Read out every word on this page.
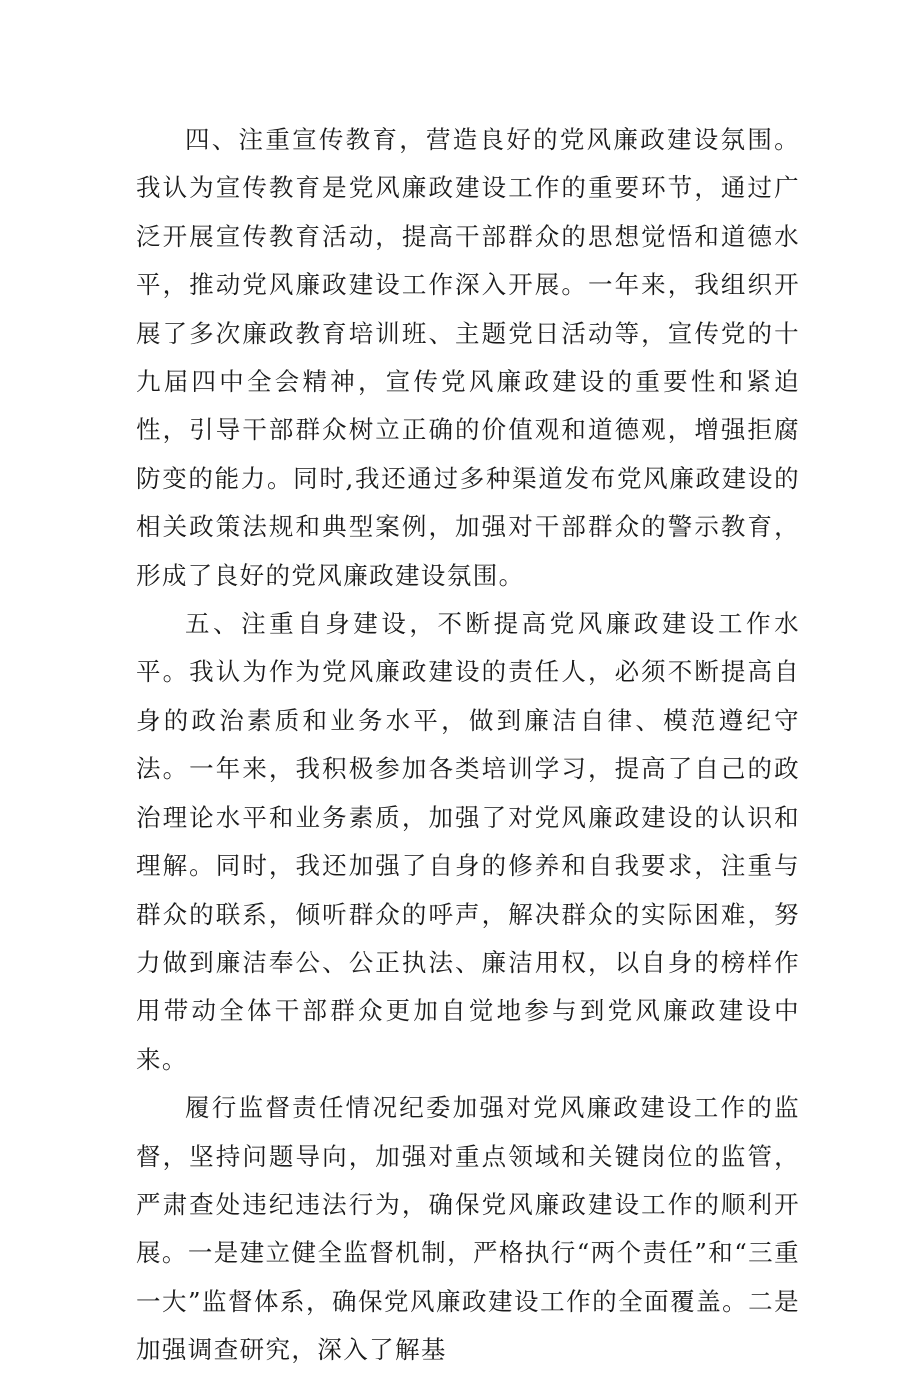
四、注重宣传教育，营造良好的党风廉政建设氛围。我认为宣传教育是党风廉政建设工作的重要环节，通过广泛开展宣传教育活动，提高干部群众的思想觉悟和道德水平，推动党风廉政建设工作深入开展。一年来，我组织开展了多次廉政教育培训班、主题党日活动等，宣传党的十九届四中全会精神，宣传党风廉政建设的重要性和紧迫性，引导干部群众树立正确的价值观和道德观，增强拒腐防变的能力。同时,我还通过多种渠道发布党风廉政建设的相关政策法规和典型案例，加强对干部群众的警示教育，形成了良好的党风廉政建设氛围。

五、注重自身建设，不断提高党风廉政建设工作水平。我认为作为党风廉政建设的责任人，必须不断提高自身的政治素质和业务水平，做到廉洁自律、模范遵纪守法。一年来，我积极参加各类培训学习，提高了自己的政治理论水平和业务素质，加强了对党风廉政建设的认识和理解。同时，我还加强了自身的修养和自我要求，注重与群众的联系，倾听群众的呼声，解决群众的实际困难，努力做到廉洁奉公、公正执法、廉洁用权，以自身的榜样作用带动全体干部群众更加自觉地参与到党风廉政建设中来。

履行监督责任情况纪委加强对党风廉政建设工作的监督，坚持问题导向，加强对重点领域和关键岗位的监管，严肃查处违纪违法行为，确保党风廉政建设工作的顺利开展。一是建立健全监督机制，严格执行“两个责任”和“三重一大”监督体系，确保党风廉政建设工作的全面覆盖。二是加强调查研究，深入了解基
